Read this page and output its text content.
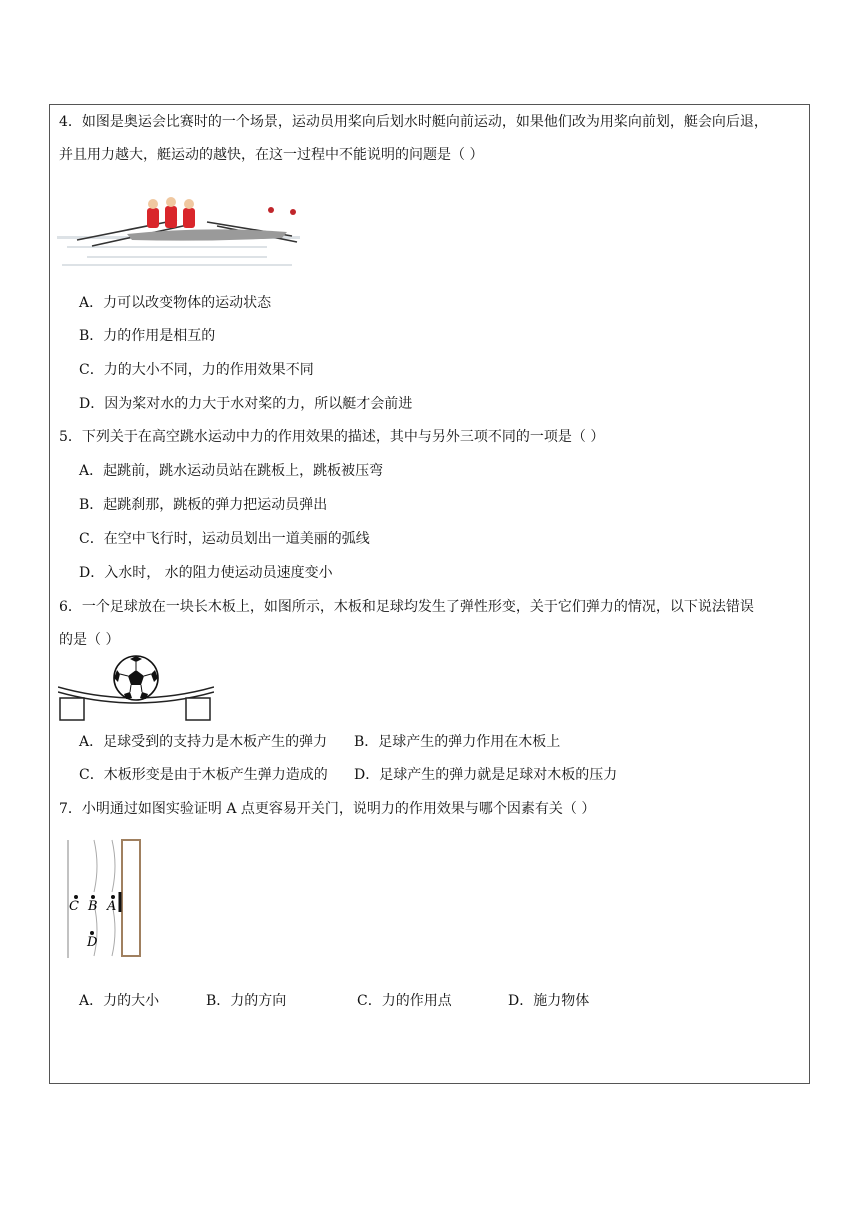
4．如图是奥运会比赛时的一个场景，运动员用桨向后划水时艇向前运动，如果他们改为用桨向前划，艇会向后退，
并且用力越大，艇运动的越快，在这一过程中不能说明的问题是（ ）
A．力可以改变物体的运动状态
B．力的作用是相互的
C．力的大小不同，力的作用效果不同
D．因为桨对水的力大于水对桨的力，所以艇才会前进
5．下列关于在高空跳水运动中力的作用效果的描述，其中与另外三项不同的一项是（ ）
A．起跳前，跳水运动员站在跳板上，跳板被压弯
B．起跳刹那，跳板的弹力把运动员弹出
C．在空中飞行时，运动员划出一道美丽的弧线
D．入水时， 水的阻力使运动员速度变小
6．一个足球放在一块长木板上，如图所示，木板和足球均发生了弹性形变，关于它们弹力的情况，以下说法错误
的是（ ）
A．足球受到的支持力是木板产生的弹力 B．足球产生的弹力作用在木板上
C．木板形变是由于木板产生弹力造成的 D．足球产生的弹力就是足球对木板的压力
7．小明通过如图实验证明 A 点更容易开关门，说明力的作用效果与哪个因素有关（ ）
C B A
D
A．力的大小	B．力的方向	C．力的作用点	D．施力物体
